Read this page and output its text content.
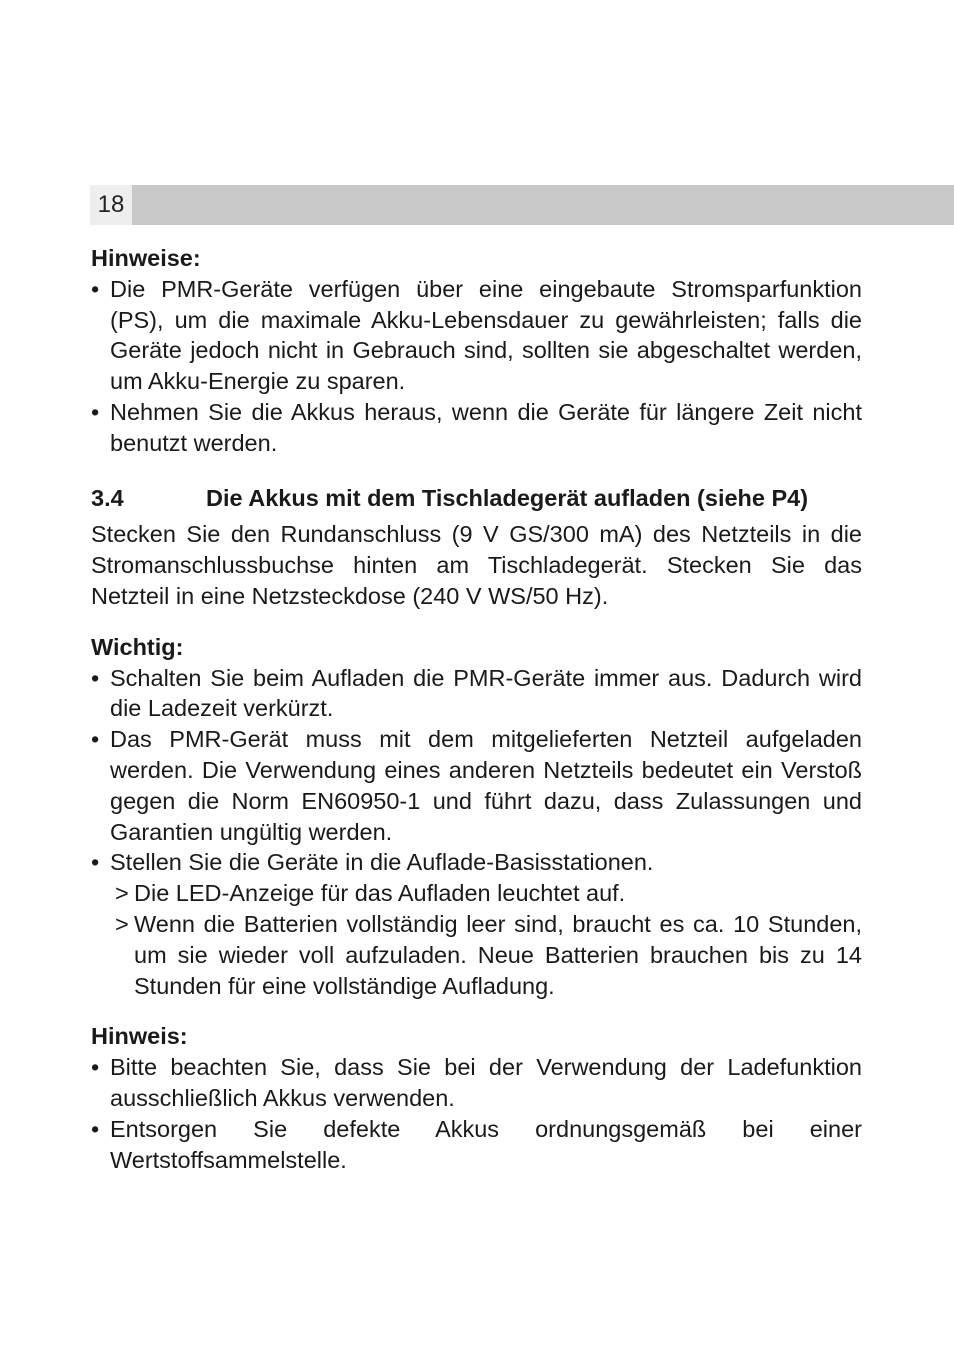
18

Hinweise:

• Die PMR-Geräte verfügen über eine eingebaute Stromsparfunktion (PS), um die maximale Akku-Lebensdauer zu gewährleisten; falls die Geräte jedoch nicht in Gebrauch sind, sollten sie abgeschaltet werden, um Akku-Energie zu sparen.
• Nehmen Sie die Akkus heraus, wenn die Geräte für längere Zeit nicht benutzt werden.

3.4	Die Akkus mit dem Tischladegerät aufladen (siehe P4)

Stecken Sie den Rundanschluss (9 V GS/300 mA) des Netzteils in die Stromanschlussbuchse hinten am Tischladegerät. Stecken Sie das Netzteil in eine Netzsteckdose (240 V WS/50 Hz).

Wichtig:

• Schalten Sie beim Aufladen die PMR-Geräte immer aus. Dadurch wird die Ladezeit verkürzt.
• Das PMR-Gerät muss mit dem mitgelieferten Netzteil aufgeladen werden. Die Verwendung eines anderen Netzteils bedeutet ein Verstoß gegen die Norm EN60950-1 und führt dazu, dass Zulassungen und Garantien ungültig werden.
• Stellen Sie die Geräte in die Auflade-Basisstationen.
> Die LED-Anzeige für das Aufladen leuchtet auf.
> Wenn die Batterien vollständig leer sind, braucht es ca. 10 Stunden, um sie wieder voll aufzuladen. Neue Batterien brauchen bis zu 14 Stunden für eine vollständige Aufladung.

Hinweis:

• Bitte beachten Sie, dass Sie bei der Verwendung der Ladefunktion ausschließlich Akkus verwenden.
• Entsorgen Sie defekte Akkus ordnungsgemäß bei einer Wertstoffsammelstelle.
